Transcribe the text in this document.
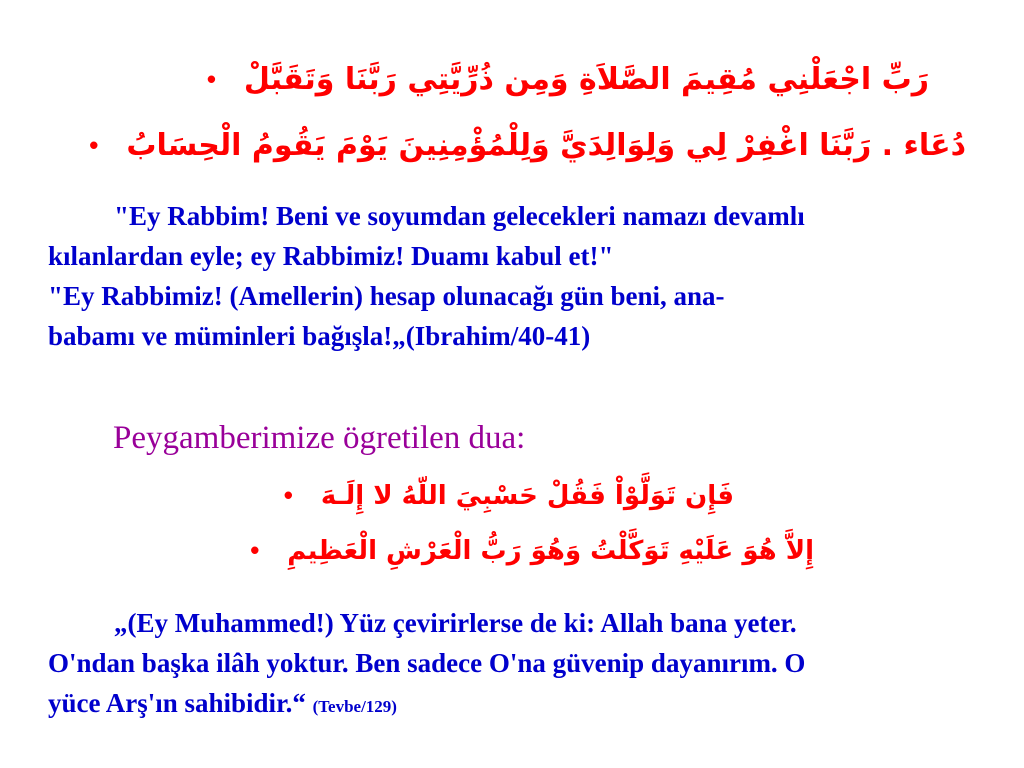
رَبِّ اجْعَلْنِي مُقِيمَ الصَّلاَةِ وَمِن ذُرِّيَّتِي رَبَّنَا وَتَقَبَّلْ
•
دُعَاء . رَبَّنَا اغْفِرْ لِي وَلِوَالِدَيَّ وَلِلْمُؤْمِنِينَ يَوْمَ يَقُومُ الْحِسَابُ
•
"Ey Rabbim! Beni ve soyumdan gelecekleri namazı devamlı
kılanlardan eyle; ey Rabbimiz! Duamı kabul et!"
"Ey Rabbimiz! (Amellerin) hesap olunacağı gün beni, ana-
babamı ve müminleri bağışla!„(Ibrahim/40-41)
Peygamberimize ögretilen dua:
فَإِن تَوَلَّوْاْ فَقُلْ حَسْبِيَ اللّهُ لا إِلَـهَ
•
إِلاَّ هُوَ عَلَيْهِ تَوَكَّلْتُ وَهُوَ رَبُّ الْعَرْشِ الْعَظِيمِ
•
„(Ey Muhammed!) Yüz çevirirlerse de ki: Allah bana yeter.
O'ndan başka ilâh yoktur. Ben sadece O'na güvenip dayanırım. O
yüce Arş'ın sahibidir.“ (Tevbe/129)
